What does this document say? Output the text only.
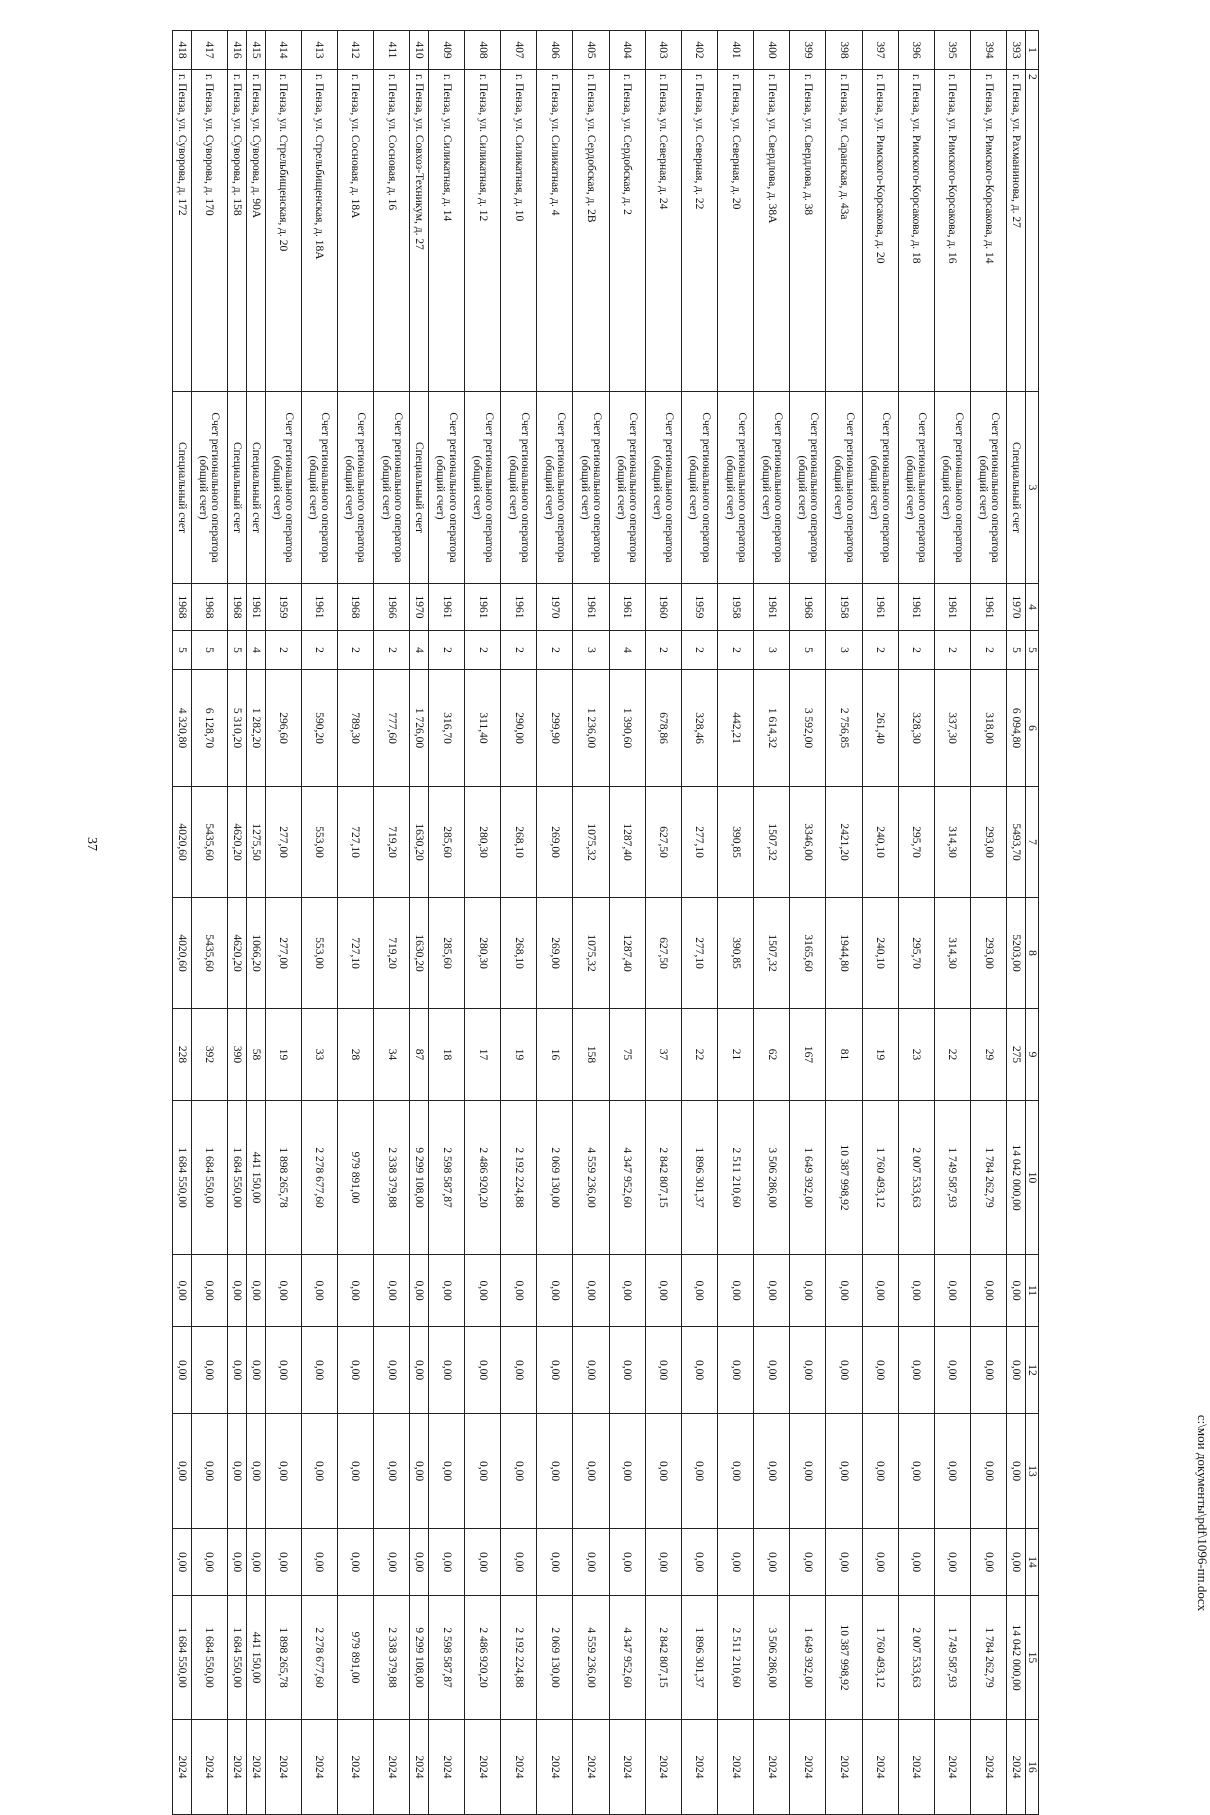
37
1	2	3	4	5	6	7	8	9	10	11	12	13	14	15	16
393	г. Пенза, ул. Рахманинова, д. 27	Специальный счет	1970	5	6 094,80	5493,70	5203,00	275	14 042 000,00	0,00	0,00	0,00	0,00	14 042 000,00	2024
394	г. Пенза, ул. Римского-Корсакова, д. 14	Счет регионального оператора (общий счет)	1961	2	318,00	293,00	293,00	29	1 784 262,79	0,00	0,00	0,00	0,00	1 784 262,79	2024
395	г. Пенза, ул. Римского-Корсакова, д. 16	Счет регионального оператора (общий счет)	1961	2	337,30	314,30	314,30	22	1 749 587,93	0,00	0,00	0,00	0,00	1 749 587,93	2024
396	г. Пенза, ул. Римского-Корсакова, д. 18	Счет регионального оператора (общий счет)	1961	2	328,30	295,70	295,70	23	2 007 533,63	0,00	0,00	0,00	0,00	2 007 533,63	2024
397	г. Пенза, ул. Римского-Корсакова, д. 20	Счет регионального оператора (общий счет)	1961	2	261,40	240,10	240,10	19	1 760 493,12	0,00	0,00	0,00	0,00	1 760 493,12	2024
398	г. Пенза, ул. Саранская, д. 43а	Счет регионального оператора (общий счет)	1958	3	2 756,85	2421,20	1944,80	81	10 387 998,92	0,00	0,00	0,00	0,00	10 387 998,92	2024
399	г. Пенза, ул. Свердлова, д. 38	Счет регионального оператора (общий счет)	1968	5	3 592,00	3346,00	3165,60	167	1 649 392,00	0,00	0,00	0,00	0,00	1 649 392,00	2024
400	г. Пенза, ул. Свердлова, д. 38А	Счет регионального оператора (общий счет)	1961	3	1 614,32	1507,32	1507,32	62	3 506 286,00	0,00	0,00	0,00	0,00	3 506 286,00	2024
401	г. Пенза, ул. Северная, д. 20	Счет регионального оператора (общий счет)	1958	2	442,21	390,85	390,85	21	2 511 210,60	0,00	0,00	0,00	0,00	2 511 210,60	2024
402	г. Пенза, ул. Северная, д. 22	Счет регионального оператора (общий счет)	1959	2	328,46	277,10	277,10	22	1 896 301,37	0,00	0,00	0,00	0,00	1 896 301,37	2024
403	г. Пенза, ул. Северная, д. 24	Счет регионального оператора (общий счет)	1960	2	678,86	627,50	627,50	37	2 842 807,15	0,00	0,00	0,00	0,00	2 842 807,15	2024
404	г. Пенза, ул. Сердобская, д. 2	Счет регионального оператора (общий счет)	1961	4	1 390,60	1287,40	1287,40	75	4 347 952,60	0,00	0,00	0,00	0,00	4 347 952,60	2024
405	г. Пенза, ул. Сердобская, д. 2В	Счет регионального оператора (общий счет)	1961	3	1 236,00	1075,32	1075,32	158	4 559 236,00	0,00	0,00	0,00	0,00	4 559 236,00	2024
406	г. Пенза, ул. Силикатная, д. 4	Счет регионального оператора (общий счет)	1970	2	299,90	269,00	269,00	16	2 069 130,00	0,00	0,00	0,00	0,00	2 069 130,00	2024
407	г. Пенза, ул. Силикатная, д. 10	Счет регионального оператора (общий счет)	1961	2	290,00	268,10	268,10	19	2 192 224,88	0,00	0,00	0,00	0,00	2 192 224,88	2024
408	г. Пенза, ул. Силикатная, д. 12	Счет регионального оператора (общий счет)	1961	2	311,40	280,30	280,30	17	2 486 920,20	0,00	0,00	0,00	0,00	2 486 920,20	2024
409	г. Пенза, ул. Силикатная, д. 14	Счет регионального оператора (общий счет)	1961	2	316,70	285,60	285,60	18	2 598 587,87	0,00	0,00	0,00	0,00	2 598 587,87	2024
410	г. Пенза, ул. Совхоз-Техникум, д. 27	Специальный счет	1970	4	1 726,00	1630,20	1630,20	87	9 299 108,00	0,00	0,00	0,00	0,00	9 299 108,00	2024
411	г. Пенза, ул. Сосновая, д. 16	Счет регионального оператора (общий счет)	1966	2	777,60	719,20	719,20	34	2 338 379,88	0,00	0,00	0,00	0,00	2 338 379,88	2024
412	г. Пенза, ул. Сосновая, д. 18А	Счет регионального оператора (общий счет)	1968	2	789,30	727,10	727,10	28	979 891,00	0,00	0,00	0,00	0,00	979 891,00	2024
413	г. Пенза, ул. Стрельбищенская, д. 18А	Счет регионального оператора (общий счет)	1961	2	590,20	553,00	553,00	33	2 278 677,60	0,00	0,00	0,00	0,00	2 278 677,60	2024
414	г. Пенза, ул. Стрельбищенская, д. 20	Счет регионального оператора (общий счет)	1959	2	296,60	277,00	277,00	19	1 898 265,78	0,00	0,00	0,00	0,00	1 898 265,78	2024
415	г. Пенза, ул. Суворова, д. 90А	Специальный счет	1961	4	1 282,20	1275,50	1066,20	58	441 150,00	0,00	0,00	0,00	0,00	441 150,00	2024
416	г. Пенза, ул. Суворова, д. 158	Специальный счет	1968	5	5 310,20	4620,20	4620,20	390	1 684 550,00	0,00	0,00	0,00	0,00	1 684 550,00	2024
417	г. Пенза, ул. Суворова, д. 170	Счет регионального оператора (общий счет)	1968	5	6 128,70	5435,60	5435,60	392	1 684 550,00	0,00	0,00	0,00	0,00	1 684 550,00	2024
418	г. Пенза, ул. Суворова, д. 172	Специальный счет	1968	5	4 320,80	4020,60	4020,60	228	1 684 550,00	0,00	0,00	0,00	0,00	1 684 550,00	2024
c:\мои документы\pdf\1096-пп.docx
